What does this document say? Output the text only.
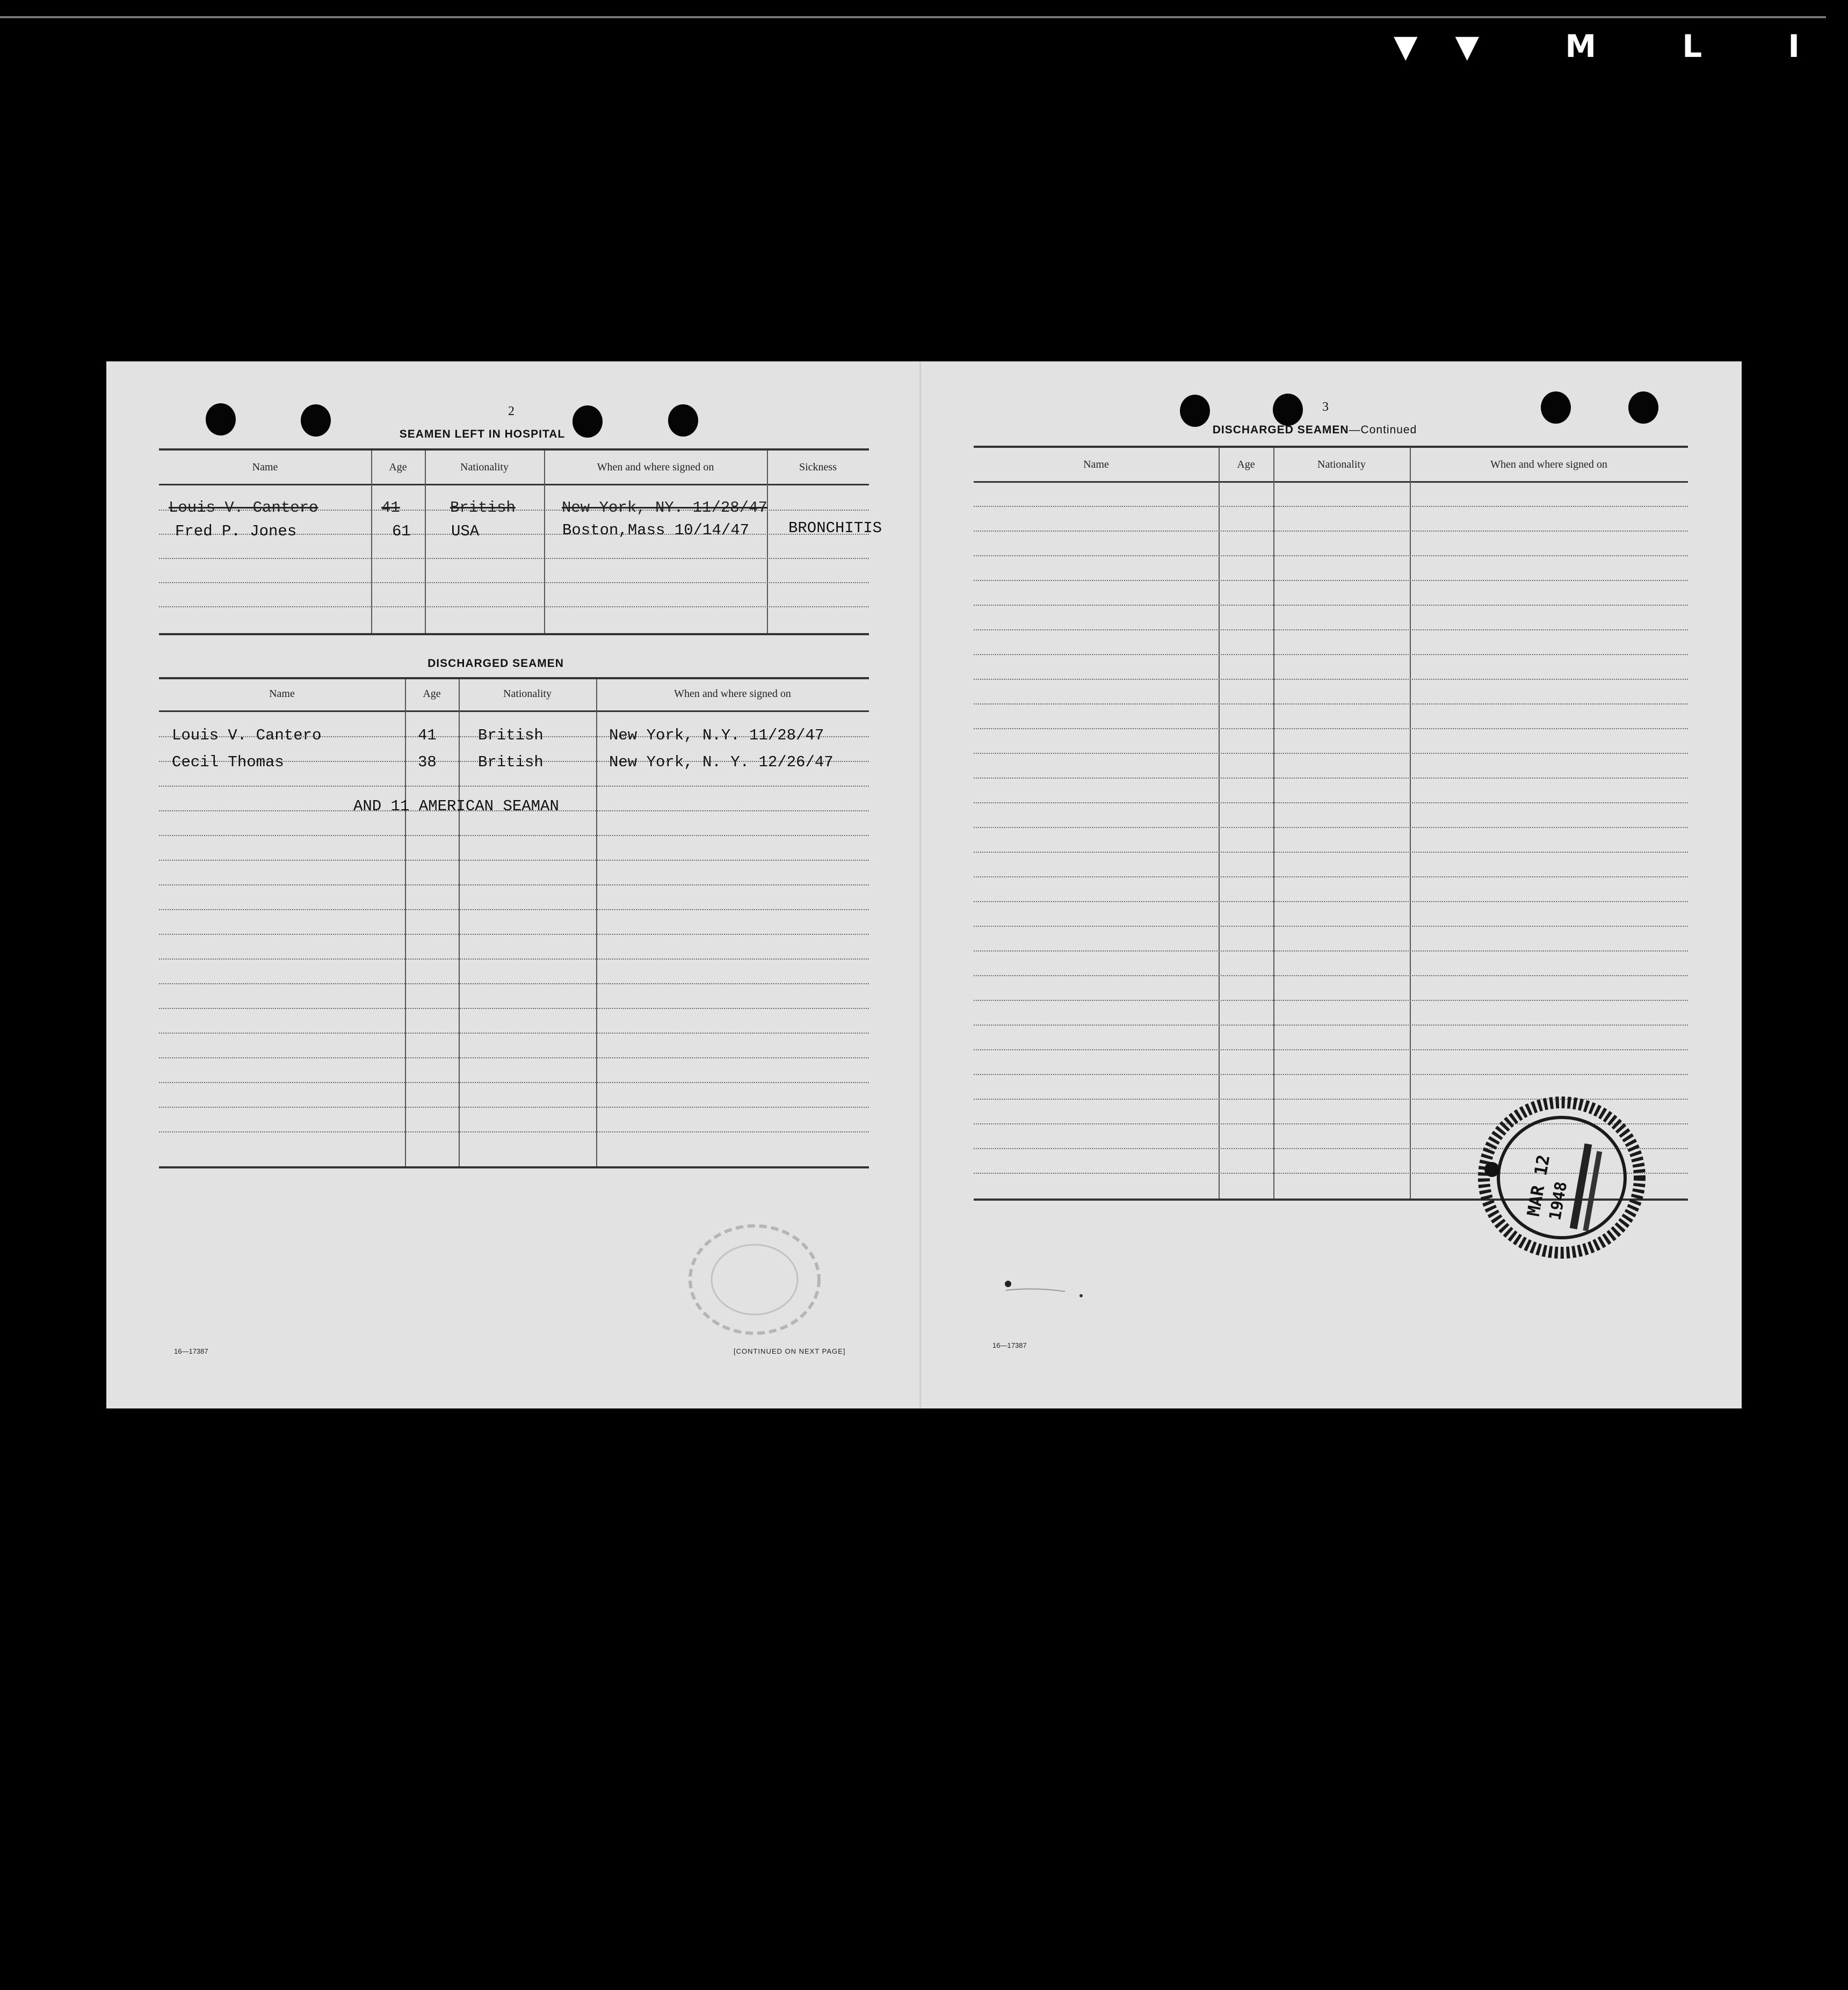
▼▼ M L I
2
SEAMEN LEFT IN HOSPITAL
Name	Age	Nationality	When and where signed on	Sickness
Louis V. Cantero	41	British	New York, NY. 11/28/47
Fred P. Jones	61	USA	Boston,Mass 10/14/47	BRONCHITIS
DISCHARGED SEAMEN
Name	Age	Nationality	When and where signed on
Louis V. Cantero	41	British	New York, N.Y. 11/28/47
Cecil Thomas	38	British	New York, N. Y. 12/26/47
AND 11 AMERICAN SEAMAN
16—17387	[CONTINUED ON NEXT PAGE]
3
DISCHARGED SEAMEN—Continued
Name	Age	Nationality	When and where signed on
MAR 12
1948
16—17387
